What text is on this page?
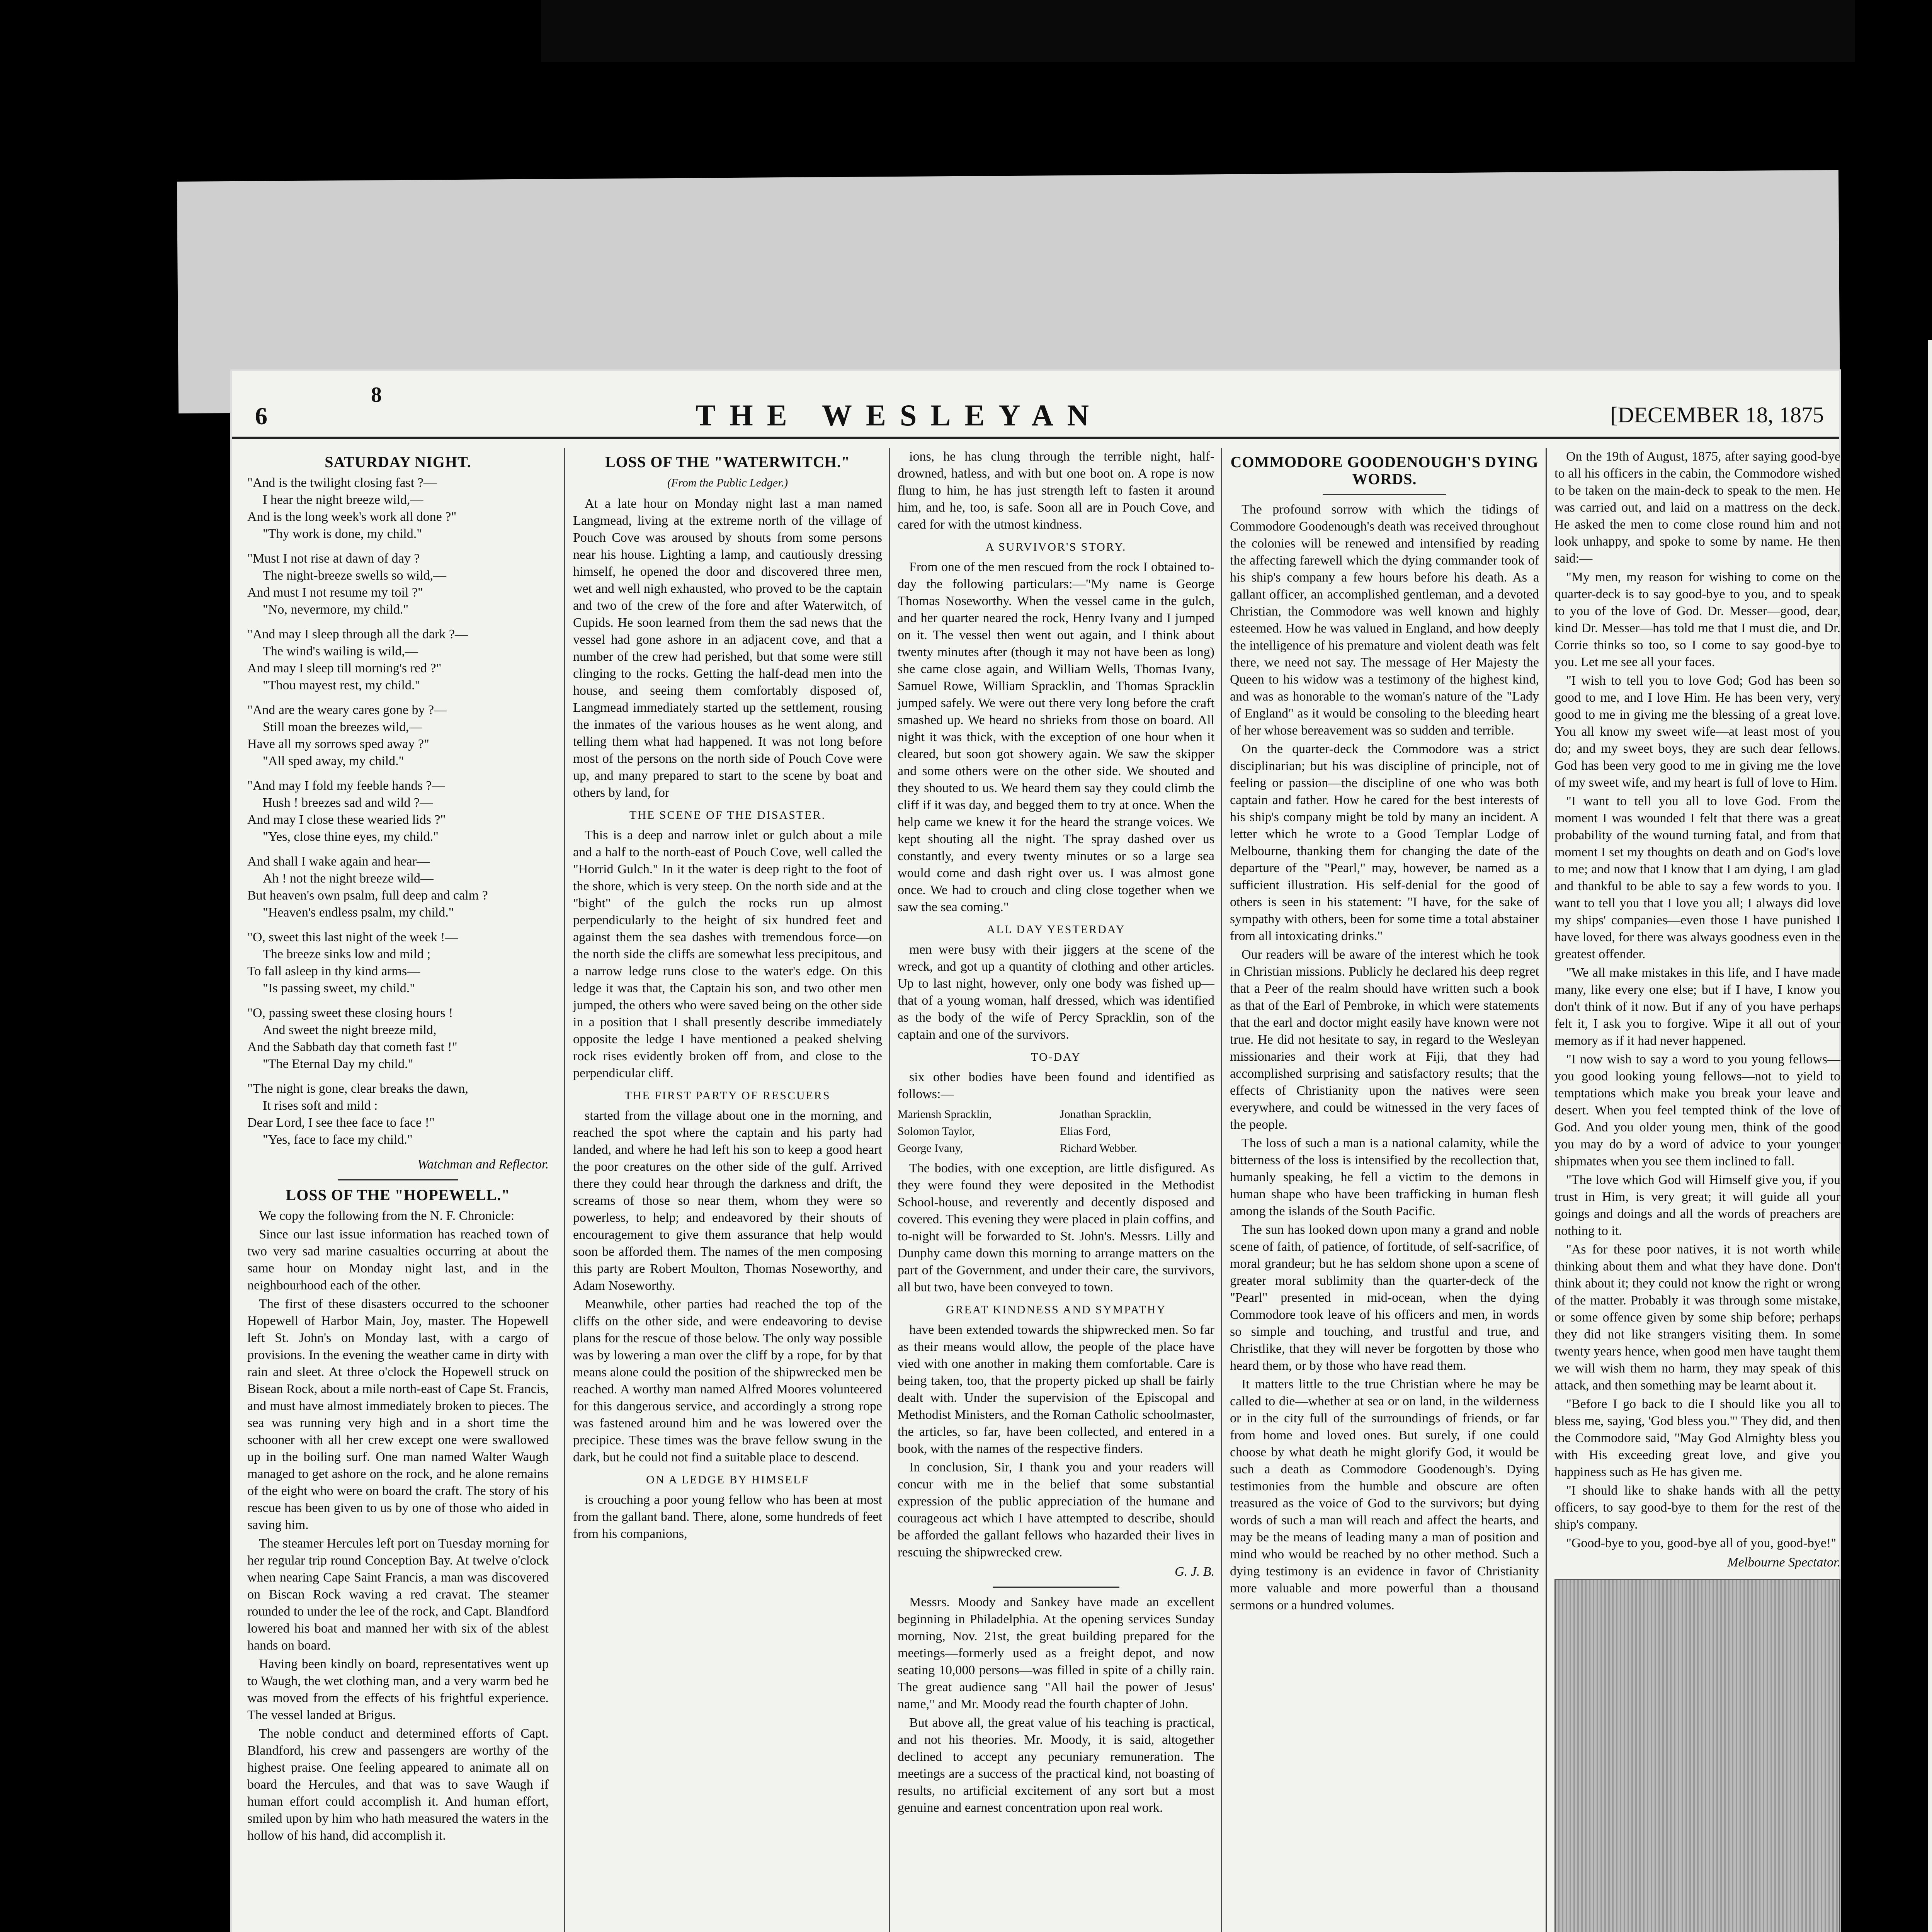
6
8
THE WESLEYAN	[DECEMBER 18, 1875
SATURDAY NIGHT.

"And is the twilight closing fast ?—

I hear the night breeze wild,—

And is the long week's work all done ?"

"Thy work is done, my child."

"Must I not rise at dawn of day ?

The night-breeze swells so wild,—

And must I not resume my toil ?"

"No, nevermore, my child."

"And may I sleep through all the dark ?—

The wind's wailing is wild,—

And may I sleep till morning's red ?"

"Thou mayest rest, my child."

"And are the weary cares gone by ?—

Still moan the breezes wild,—

Have all my sorrows sped away ?"

"All sped away, my child."

"And may I fold my feeble hands ?—

Hush ! breezes sad and wild ?—

And may I close these wearied lids ?"

"Yes, close thine eyes, my child."

And shall I wake again and hear—

Ah ! not the night breeze wild—

But heaven's own psalm, full deep and calm ?

"Heaven's endless psalm, my child."

"O, sweet this last night of the week !—

The breeze sinks low and mild ;

To fall asleep in thy kind arms—

"Is passing sweet, my child."

"O, passing sweet these closing hours !

And sweet the night breeze mild,

And the Sabbath day that cometh fast !"

"The Eternal Day my child."

"The night is gone, clear breaks the dawn,

It rises soft and mild :

Dear Lord, I see thee face to face !"

"Yes, face to face my child."

Watchman and Reflector.
LOSS OF THE "HOPEWELL."

We copy the following from the N. F. Chronicle:

Since our last issue information has reached town of two very sad marine casualties occurring at about the same hour on Monday night last, and in the neighbourhood each of the other.

The first of these disasters occurred to the schooner Hopewell of Harbor Main, Joy, master. The Hopewell left St. John's on Monday last, with a cargo of provisions. In the evening the weather came in dirty with rain and sleet. At three o'clock the Hopewell struck on Bisean Rock, about a mile north-east of Cape St. Francis, and must have almost immediately broken to pieces. The sea was running very high and in a short time the schooner with all her crew except one were swallowed up in the boiling surf. One man named Walter Waugh managed to get ashore on the rock, and he alone remains of the eight who were on board the craft. The story of his rescue has been given to us by one of those who aided in saving him.

The steamer Hercules left port on Tuesday morning for her regular trip round Conception Bay. At twelve o'clock when nearing Cape Saint Francis, a man was discovered on Biscan Rock waving a red cravat. The steamer rounded to under the lee of the rock, and Capt. Blandford lowered his boat and manned her with six of the ablest hands on board.

Having been kindly on board, representatives went up to Waugh, the wet clothing man, and a very warm bed he was moved from the effects of his frightful experience. The vessel landed at Brigus.

The noble conduct and determined efforts of Capt. Blandford, his crew and passengers are worthy of the highest praise. One feeling appeared to animate all on board the Hercules, and that was to save Waugh if human effort could accomplish it. And human effort, smiled upon by him who hath measured the waters in the hollow of his hand, did accomplish it.

LOSS OF THE "WATERWITCH."
(From the Public Ledger.)

At a late hour on Monday night last a man named Langmead, living at the extreme north of the village of Pouch Cove was aroused by shouts from some persons near his house. Lighting a lamp, and cautiously dressing himself, he opened the door and discovered three men, wet and well nigh exhausted, who proved to be the captain and two of the crew of the fore and after Waterwitch, of Cupids. He soon learned from them the sad news that the vessel had gone ashore in an adjacent cove, and that a number of the crew had perished, but that some were still clinging to the rocks. Getting the half-dead men into the house, and seeing them comfortably disposed of, Langmead immediately started up the settlement, rousing the inmates of the various houses as he went along, and telling them what had happened. It was not long before most of the persons on the north side of Pouch Cove were up, and many prepared to start to the scene by boat and others by land, for

THE SCENE OF THE DISASTER.

This is a deep and narrow inlet or gulch about a mile and a half to the north-east of Pouch Cove, well called the "Horrid Gulch." In it the water is deep right to the foot of the shore, which is very steep. On the north side and at the "bight" of the gulch the rocks run up almost perpendicularly to the height of six hundred feet and against them the sea dashes with tremendous force—on the north side the cliffs are somewhat less precipitous, and a narrow ledge runs close to the water's edge. On this ledge it was that, the Captain his son, and two other men jumped, the others who were saved being on the other side in a position that I shall presently describe immediately opposite the ledge I have mentioned a peaked shelving rock rises evidently broken off from, and close to the perpendicular cliff.

THE FIRST PARTY OF RESCUERS

started from the village about one in the morning, and reached the spot where the captain and his party had landed, and where he had left his son to keep a good heart the poor creatures on the other side of the gulf. Arrived there they could hear through the darkness and drift, the screams of those so near them, whom they were so powerless, to help; and endeavored by their shouts of encouragement to give them assurance that help would soon be afforded them. The names of the men composing this party are Robert Moulton, Thomas Noseworthy, and Adam Noseworthy.

Meanwhile, other parties had reached the top of the cliffs on the other side, and were endeavoring to devise plans for the rescue of those below. The only way possible was by lowering a man over the cliff by a rope, for by that means alone could the position of the shipwrecked men be reached. A worthy man named Alfred Moores volunteered for this dangerous service, and accordingly a strong rope was fastened around him and he was lowered over the precipice. These times was the brave fellow swung in the dark, but he could not find a suitable place to descend.

ON A LEDGE BY HIMSELF

is crouching a poor young fellow who has been at most from the gallant band. There, alone, some hundreds of feet from his companions,

ions, he has clung through the terrible night, half-drowned, hatless, and with but one boot on. A rope is now flung to him, he has just strength left to fasten it around him, and he, too, is safe. Soon all are in Pouch Cove, and cared for with the utmost kindness.

A SURVIVOR'S STORY.

From one of the men rescued from the rock I obtained to-day the following particulars:—"My name is George Thomas Noseworthy. When the vessel came in the gulch, and her quarter neared the rock, Henry Ivany and I jumped on it. The vessel then went out again, and I think about twenty minutes after (though it may not have been as long) she came close again, and William Wells, Thomas Ivany, Samuel Rowe, William Spracklin, and Thomas Spracklin jumped safely. We were out there very long before the craft smashed up. We heard no shrieks from those on board. All night it was thick, with the exception of one hour when it cleared, but soon got showery again. We saw the skipper and some others were on the other side. We shouted and they shouted to us. We heard them say they could climb the cliff if it was day, and begged them to try at once. When the help came we knew it for the heard the strange voices. We kept shouting all the night. The spray dashed over us constantly, and every twenty minutes or so a large sea would come and dash right over us. I was almost gone once. We had to crouch and cling close together when we saw the sea coming."

ALL DAY YESTERDAY

men were busy with their jiggers at the scene of the wreck, and got up a quantity of clothing and other articles. Up to last night, however, only one body was fished up—that of a young woman, half dressed, which was identified as the body of the wife of Percy Spracklin, son of the captain and one of the survivors.

TO-DAY

six other bodies have been found and identified as follows:—

Mariensh Spracklin,	Jonathan Spracklin,
Solomon Taylor,	Elias Ford,
George Ivany,	Richard Webber.

The bodies, with one exception, are little disfigured. As they were found they were deposited in the Methodist School-house, and reverently and decently disposed and covered. This evening they were placed in plain coffins, and to-night will be forwarded to St. John's. Messrs. Lilly and Dunphy came down this morning to arrange matters on the part of the Government, and under their care, the survivors, all but two, have been conveyed to town.

GREAT KINDNESS AND SYMPATHY

have been extended towards the shipwrecked men. So far as their means would allow, the people of the place have vied with one another in making them comfortable. Care is being taken, too, that the property picked up shall be fairly dealt with. Under the supervision of the Episcopal and Methodist Ministers, and the Roman Catholic schoolmaster, the articles, so far, have been collected, and entered in a book, with the names of the respective finders.

In conclusion, Sir, I thank you and your readers will concur with me in the belief that some substantial expression of the public appreciation of the humane and courageous act which I have attempted to describe, should be afforded the gallant fellows who hazarded their lives in rescuing the shipwrecked crew.

G. J. B.

Messrs. Moody and Sankey have made an excellent beginning in Philadelphia. At the opening services Sunday morning, Nov. 21st, the great building prepared for the meetings—formerly used as a freight depot, and now seating 10,000 persons—was filled in spite of a chilly rain. The great audience sang "All hail the power of Jesus' name," and Mr. Moody read the fourth chapter of John.

But above all, the great value of his teaching is practical, and not his theories. Mr. Moody, it is said, altogether declined to accept any pecuniary remuneration. The meetings are a success of the practical kind, not boasting of results, no artificial excitement of any sort but a most genuine and earnest concentration upon real work.

COMMODORE GOODENOUGH'S DYING WORDS.

The profound sorrow with which the tidings of Commodore Goodenough's death was received throughout the colonies will be renewed and intensified by reading the affecting farewell which the dying commander took of his ship's company a few hours before his death. As a gallant officer, an accomplished gentleman, and a devoted Christian, the Commodore was well known and highly esteemed. How he was valued in England, and how deeply the intelligence of his premature and violent death was felt there, we need not say. The message of Her Majesty the Queen to his widow was a testimony of the highest kind, and was as honorable to the woman's nature of the "Lady of England" as it would be consoling to the bleeding heart of her whose bereavement was so sudden and terrible.

On the quarter-deck the Commodore was a strict disciplinarian; but his was discipline of principle, not of feeling or passion—the discipline of one who was both captain and father. How he cared for the best interests of his ship's company might be told by many an incident. A letter which he wrote to a Good Templar Lodge of Melbourne, thanking them for changing the date of the departure of the "Pearl," may, however, be named as a sufficient illustration. His self-denial for the good of others is seen in his statement: "I have, for the sake of sympathy with others, been for some time a total abstainer from all intoxicating drinks."

Our readers will be aware of the interest which he took in Christian missions. Publicly he declared his deep regret that a Peer of the realm should have written such a book as that of the Earl of Pembroke, in which were statements that the earl and doctor might easily have known were not true. He did not hesitate to say, in regard to the Wesleyan missionaries and their work at Fiji, that they had accomplished surprising and satisfactory results; that the effects of Christianity upon the natives were seen everywhere, and could be witnessed in the very faces of the people.

The loss of such a man is a national calamity, while the bitterness of the loss is intensified by the recollection that, humanly speaking, he fell a victim to the demons in human shape who have been trafficking in human flesh among the islands of the South Pacific.

The sun has looked down upon many a grand and noble scene of faith, of patience, of fortitude, of self-sacrifice, of moral grandeur; but he has seldom shone upon a scene of greater moral sublimity than the quarter-deck of the "Pearl" presented in mid-ocean, when the dying Commodore took leave of his officers and men, in words so simple and touching, and trustful and true, and Christlike, that they will never be forgotten by those who heard them, or by those who have read them.

It matters little to the true Christian where he may be called to die—whether at sea or on land, in the wilderness or in the city full of the surroundings of friends, or far from home and loved ones. But surely, if one could choose by what death he might glorify God, it would be such a death as Commodore Goodenough's. Dying testimonies from the humble and obscure are often treasured as the voice of God to the survivors; but dying words of such a man will reach and affect the hearts, and may be the means of leading many a man of position and mind who would be reached by no other method. Such a dying testimony is an evidence in favor of Christianity more valuable and more powerful than a thousand sermons or a hundred volumes.

On the 19th of August, 1875, after saying good-bye to all his officers in the cabin, the Commodore wished to be taken on the main-deck to speak to the men. He was carried out, and laid on a mattress on the deck. He asked the men to come close round him and not look unhappy, and spoke to some by name. He then said:—

"My men, my reason for wishing to come on the quarter-deck is to say good-bye to you, and to speak to you of the love of God. Dr. Messer—good, dear, kind Dr. Messer—has told me that I must die, and Dr. Corrie thinks so too, so I come to say good-bye to you. Let me see all your faces.

"I wish to tell you to love God; God has been so good to me, and I love Him. He has been very, very good to me in giving me the blessing of a great love. You all know my sweet wife—at least most of you do; and my sweet boys, they are such dear fellows. God has been very good to me in giving me the love of my sweet wife, and my heart is full of love to Him.

"I want to tell you all to love God. From the moment I was wounded I felt that there was a great probability of the wound turning fatal, and from that moment I set my thoughts on death and on God's love to me; and now that I know that I am dying, I am glad and thankful to be able to say a few words to you. I want to tell you that I love you all; I always did love my ships' companies—even those I have punished I have loved, for there was always goodness even in the greatest offender.

"We all make mistakes in this life, and I have made many, like every one else; but if I have, I know you don't think of it now. But if any of you have perhaps felt it, I ask you to forgive. Wipe it all out of your memory as if it had never happened.

"I now wish to say a word to you young fellows—you good looking young fellows—not to yield to temptations which make you break your leave and desert. When you feel tempted think of the love of God. And you older young men, think of the good you may do by a word of advice to your younger shipmates when you see them inclined to fall.

"The love which God will Himself give you, if you trust in Him, is very great; it will guide all your goings and doings and all the words of preachers are nothing to it.

"As for these poor natives, it is not worth while thinking about them and what they have done. Don't think about it; they could not know the right or wrong of the matter. Probably it was through some mistake, or some offence given by some ship before; perhaps they did not like strangers visiting them. In some twenty years hence, when good men have taught them we will wish them no harm, they may speak of this attack, and then something may be learnt about it.

"Before I go back to die I should like you all to bless me, saying, 'God bless you.'" They did, and then the Commodore said, "May God Almighty bless you with His exceeding great love, and give you happiness such as He has given me.

"I should like to shake hands with all the petty officers, to say good-bye to them for the rest of the ship's company.

"Good-bye to you, good-bye all of you, good-bye!"

Melbourne Spectator.
